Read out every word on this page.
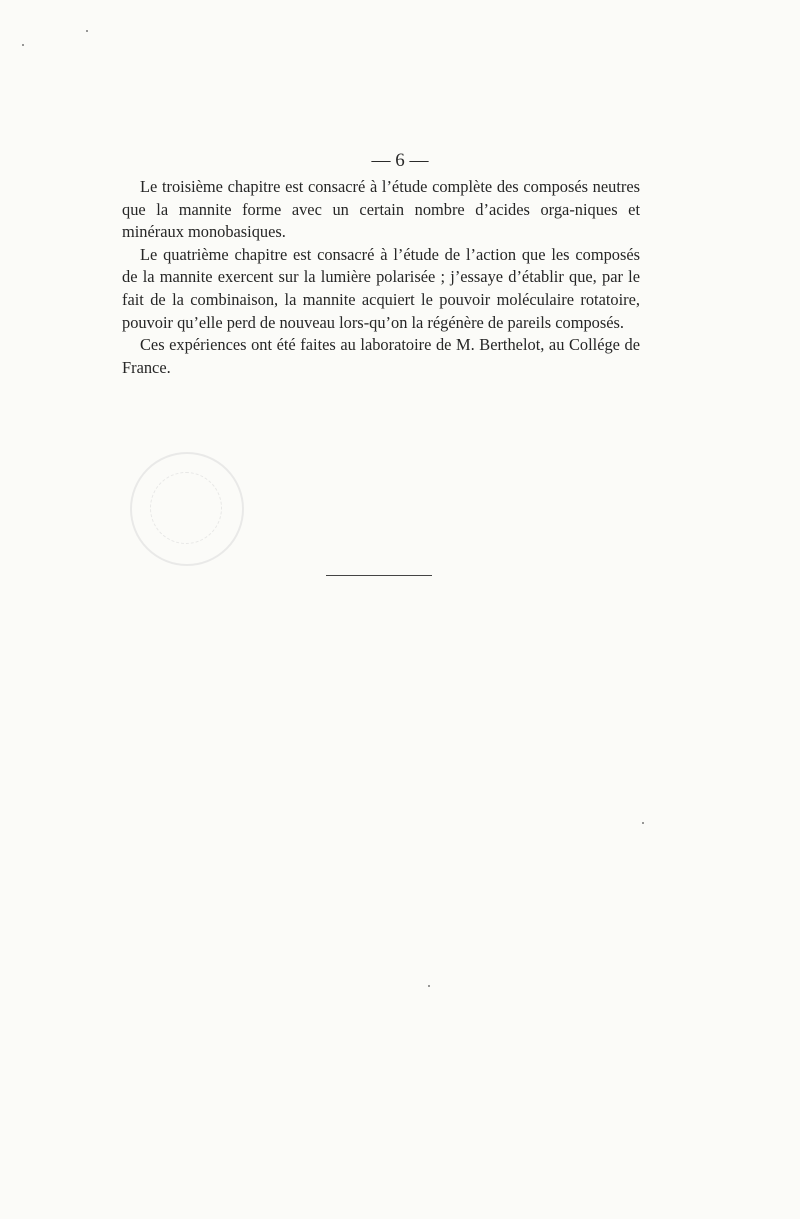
— 6 —

Le troisième chapitre est consacré à l’étude complète des composés neutres que la mannite forme avec un certain nombre d’acides orga-niques et minéraux monobasiques.

Le quatrième chapitre est consacré à l’étude de l’action que les composés de la mannite exercent sur la lumière polarisée ; j’essaye d’établir que, par le fait de la combinaison, la mannite acquiert le pouvoir moléculaire rotatoire, pouvoir qu’elle perd de nouveau lors-qu’on la régénère de pareils composés.

Ces expériences ont été faites au laboratoire de M. Berthelot, au Collége de France.
